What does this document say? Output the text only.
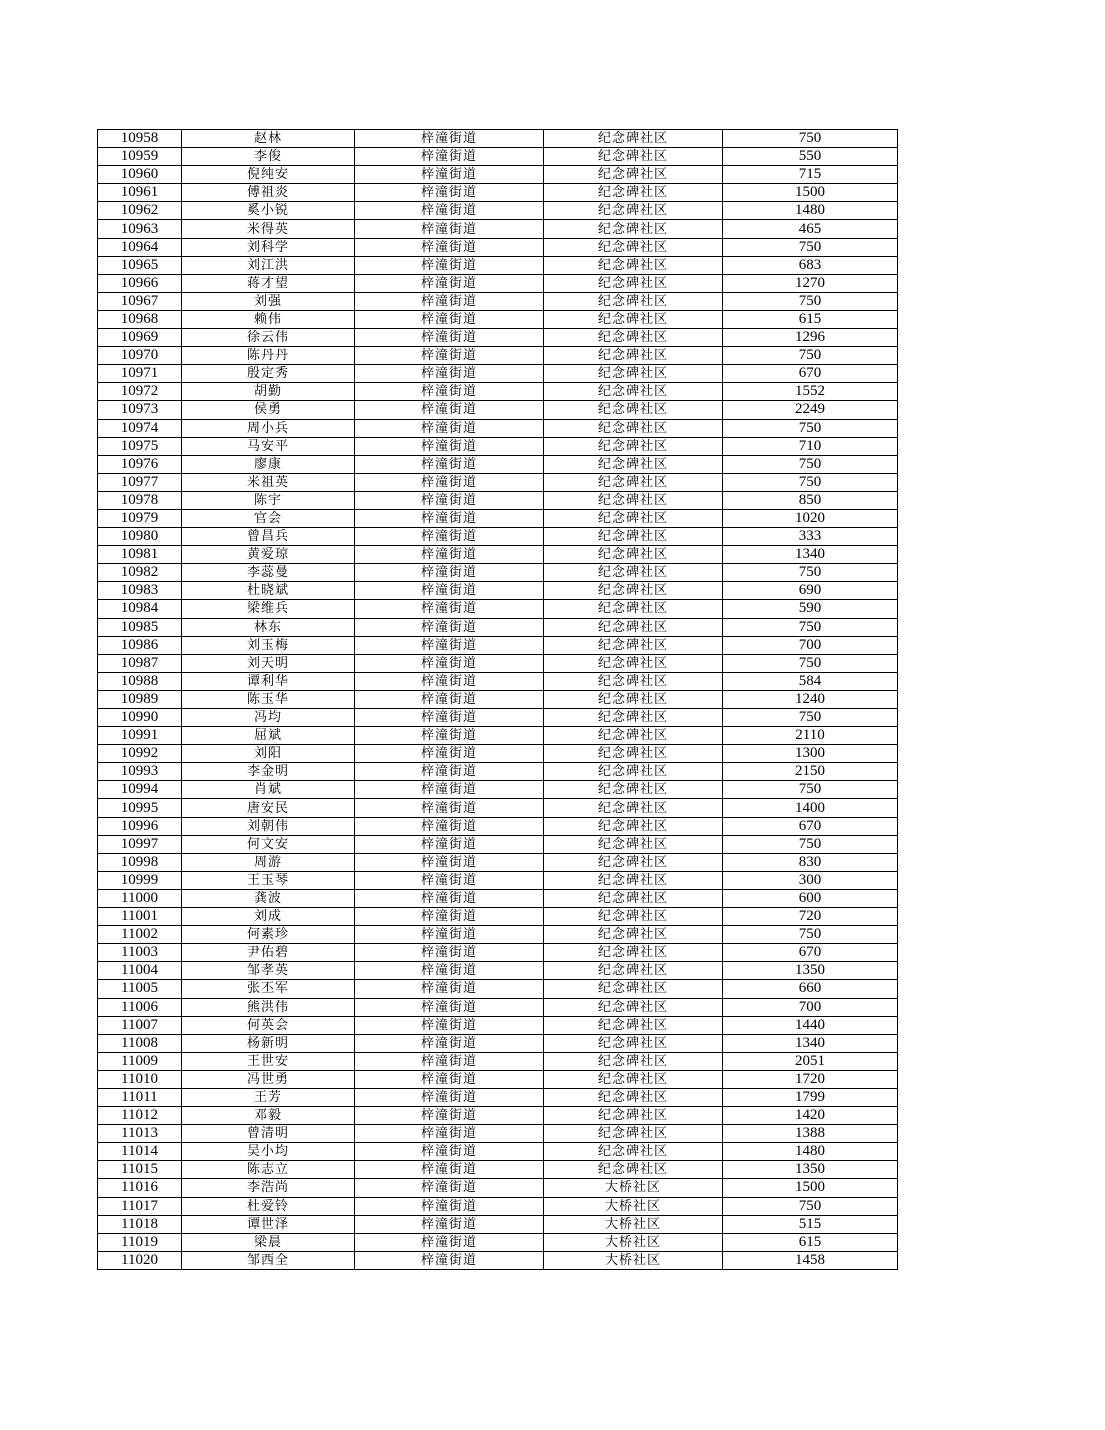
10958	赵林	梓潼街道	纪念碑社区	750
10959	李俊	梓潼街道	纪念碑社区	550
10960	倪纯安	梓潼街道	纪念碑社区	715
10961	傅祖炎	梓潼街道	纪念碑社区	1500
10962	奚小锐	梓潼街道	纪念碑社区	1480
10963	米得英	梓潼街道	纪念碑社区	465
10964	刘科学	梓潼街道	纪念碑社区	750
10965	刘江洪	梓潼街道	纪念碑社区	683
10966	蒋才望	梓潼街道	纪念碑社区	1270
10967	刘强	梓潼街道	纪念碑社区	750
10968	赖伟	梓潼街道	纪念碑社区	615
10969	徐云伟	梓潼街道	纪念碑社区	1296
10970	陈丹丹	梓潼街道	纪念碑社区	750
10971	殷定秀	梓潼街道	纪念碑社区	670
10972	胡勤	梓潼街道	纪念碑社区	1552
10973	侯勇	梓潼街道	纪念碑社区	2249
10974	周小兵	梓潼街道	纪念碑社区	750
10975	马安平	梓潼街道	纪念碑社区	710
10976	廖康	梓潼街道	纪念碑社区	750
10977	米祖英	梓潼街道	纪念碑社区	750
10978	陈宇	梓潼街道	纪念碑社区	850
10979	官会	梓潼街道	纪念碑社区	1020
10980	曾昌兵	梓潼街道	纪念碑社区	333
10981	黄爱琼	梓潼街道	纪念碑社区	1340
10982	李蕊曼	梓潼街道	纪念碑社区	750
10983	杜晓斌	梓潼街道	纪念碑社区	690
10984	梁维兵	梓潼街道	纪念碑社区	590
10985	林东	梓潼街道	纪念碑社区	750
10986	刘玉梅	梓潼街道	纪念碑社区	700
10987	刘天明	梓潼街道	纪念碑社区	750
10988	谭利华	梓潼街道	纪念碑社区	584
10989	陈玉华	梓潼街道	纪念碑社区	1240
10990	冯均	梓潼街道	纪念碑社区	750
10991	屈斌	梓潼街道	纪念碑社区	2110
10992	刘阳	梓潼街道	纪念碑社区	1300
10993	李金明	梓潼街道	纪念碑社区	2150
10994	肖斌	梓潼街道	纪念碑社区	750
10995	唐安民	梓潼街道	纪念碑社区	1400
10996	刘朝伟	梓潼街道	纪念碑社区	670
10997	何文安	梓潼街道	纪念碑社区	750
10998	周游	梓潼街道	纪念碑社区	830
10999	王玉琴	梓潼街道	纪念碑社区	300
11000	龚波	梓潼街道	纪念碑社区	600
11001	刘成	梓潼街道	纪念碑社区	720
11002	何素珍	梓潼街道	纪念碑社区	750
11003	尹佑碧	梓潼街道	纪念碑社区	670
11004	邹孝英	梓潼街道	纪念碑社区	1350
11005	张丕军	梓潼街道	纪念碑社区	660
11006	熊洪伟	梓潼街道	纪念碑社区	700
11007	何英会	梓潼街道	纪念碑社区	1440
11008	杨新明	梓潼街道	纪念碑社区	1340
11009	王世安	梓潼街道	纪念碑社区	2051
11010	冯世勇	梓潼街道	纪念碑社区	1720
11011	王芳	梓潼街道	纪念碑社区	1799
11012	邓毅	梓潼街道	纪念碑社区	1420
11013	曾清明	梓潼街道	纪念碑社区	1388
11014	吴小均	梓潼街道	纪念碑社区	1480
11015	陈志立	梓潼街道	纪念碑社区	1350
11016	李浩尚	梓潼街道	大桥社区	1500
11017	杜爱铃	梓潼街道	大桥社区	750
11018	谭世泽	梓潼街道	大桥社区	515
11019	梁晨	梓潼街道	大桥社区	615
11020	邹西全	梓潼街道	大桥社区	1458
